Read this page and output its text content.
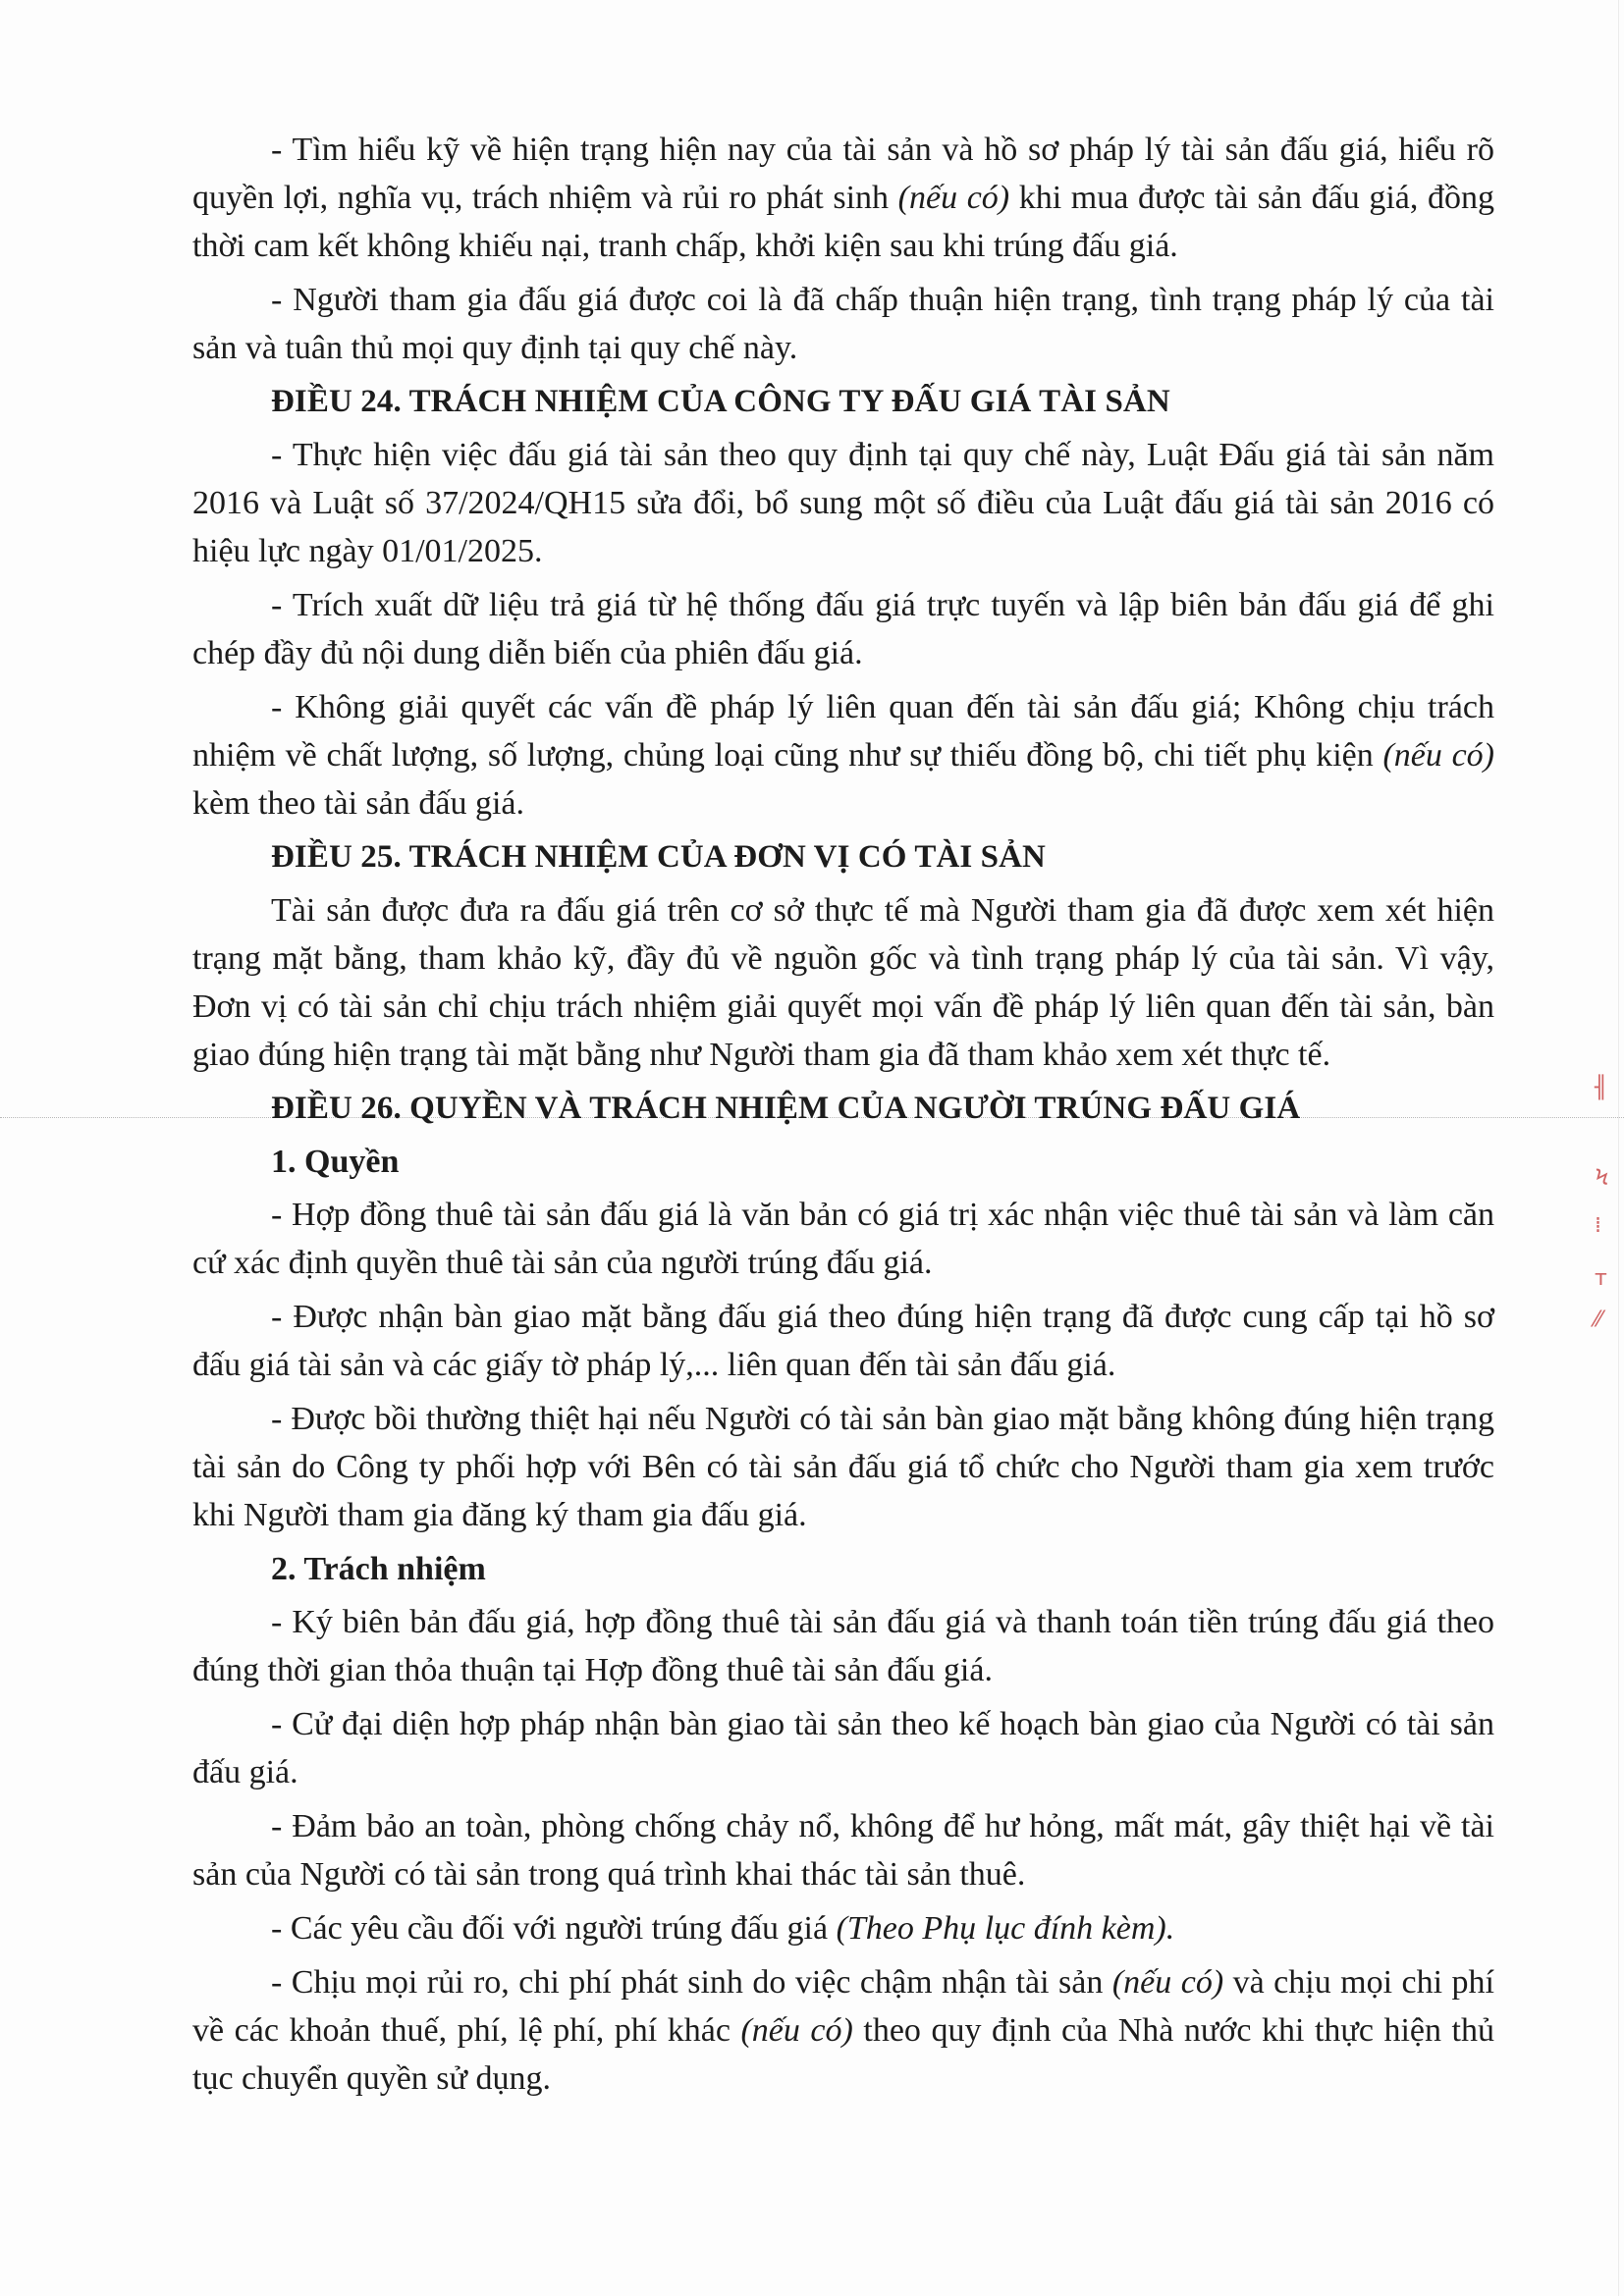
╢
Ϟ
⁞
т
⁄⁄

- Tìm hiểu kỹ về hiện trạng hiện nay của tài sản và hồ sơ pháp lý tài sản đấu giá, hiểu rõ quyền lợi, nghĩa vụ, trách nhiệm và rủi ro phát sinh (nếu có) khi mua được tài sản đấu giá, đồng thời cam kết không khiếu nại, tranh chấp, khởi kiện sau khi trúng đấu giá.

- Người tham gia đấu giá được coi là đã chấp thuận hiện trạng, tình trạng pháp lý của tài sản và tuân thủ mọi quy định tại quy chế này.

ĐIỀU 24. TRÁCH NHIỆM CỦA CÔNG TY ĐẤU GIÁ TÀI SẢN

- Thực hiện việc đấu giá tài sản theo quy định tại quy chế này, Luật Đấu giá tài sản năm 2016 và Luật số 37/2024/QH15 sửa đổi, bổ sung một số điều của Luật đấu giá tài sản 2016 có hiệu lực ngày 01/01/2025.

- Trích xuất dữ liệu trả giá từ hệ thống đấu giá trực tuyến và lập biên bản đấu giá để ghi chép đầy đủ nội dung diễn biến của phiên đấu giá.

- Không giải quyết các vấn đề pháp lý liên quan đến tài sản đấu giá; Không chịu trách nhiệm về chất lượng, số lượng, chủng loại cũng như sự thiếu đồng bộ, chi tiết phụ kiện (nếu có) kèm theo tài sản đấu giá.

ĐIỀU 25. TRÁCH NHIỆM CỦA ĐƠN VỊ CÓ TÀI SẢN

Tài sản được đưa ra đấu giá trên cơ sở thực tế mà Người tham gia đã được xem xét hiện trạng mặt bằng, tham khảo kỹ, đầy đủ về nguồn gốc và tình trạng pháp lý của tài sản. Vì vậy, Đơn vị có tài sản chỉ chịu trách nhiệm giải quyết mọi vấn đề pháp lý liên quan đến tài sản, bàn giao đúng hiện trạng tài mặt bằng như Người tham gia đã tham khảo xem xét thực tế.

ĐIỀU 26. QUYỀN VÀ TRÁCH NHIỆM CỦA NGƯỜI TRÚNG ĐẤU GIÁ
1. Quyền

- Hợp đồng thuê tài sản đấu giá là văn bản có giá trị xác nhận việc thuê tài sản và làm căn cứ xác định quyền thuê tài sản của người trúng đấu giá.

- Được nhận bàn giao mặt bằng đấu giá theo đúng hiện trạng đã được cung cấp tại hồ sơ đấu giá tài sản và các giấy tờ pháp lý,... liên quan đến tài sản đấu giá.

- Được bồi thường thiệt hại nếu Người có tài sản bàn giao mặt bằng không đúng hiện trạng tài sản do Công ty phối hợp với Bên có tài sản đấu giá tổ chức cho Người tham gia xem trước khi Người tham gia đăng ký tham gia đấu giá.

2. Trách nhiệm

- Ký biên bản đấu giá, hợp đồng thuê tài sản đấu giá và thanh toán tiền trúng đấu giá theo đúng thời gian thỏa thuận tại Hợp đồng thuê tài sản đấu giá.

- Cử đại diện hợp pháp nhận bàn giao tài sản theo kế hoạch bàn giao của Người có tài sản đấu giá.

- Đảm bảo an toàn, phòng chống chảy nổ, không để hư hỏng, mất mát, gây thiệt hại về tài sản của Người có tài sản trong quá trình khai thác tài sản thuê.

- Các yêu cầu đối với người trúng đấu giá (Theo Phụ lục đính kèm).

- Chịu mọi rủi ro, chi phí phát sinh do việc chậm nhận tài sản (nếu có) và chịu mọi chi phí về các khoản thuế, phí, lệ phí, phí khác (nếu có) theo quy định của Nhà nước khi thực hiện thủ tục chuyển quyền sử dụng.
